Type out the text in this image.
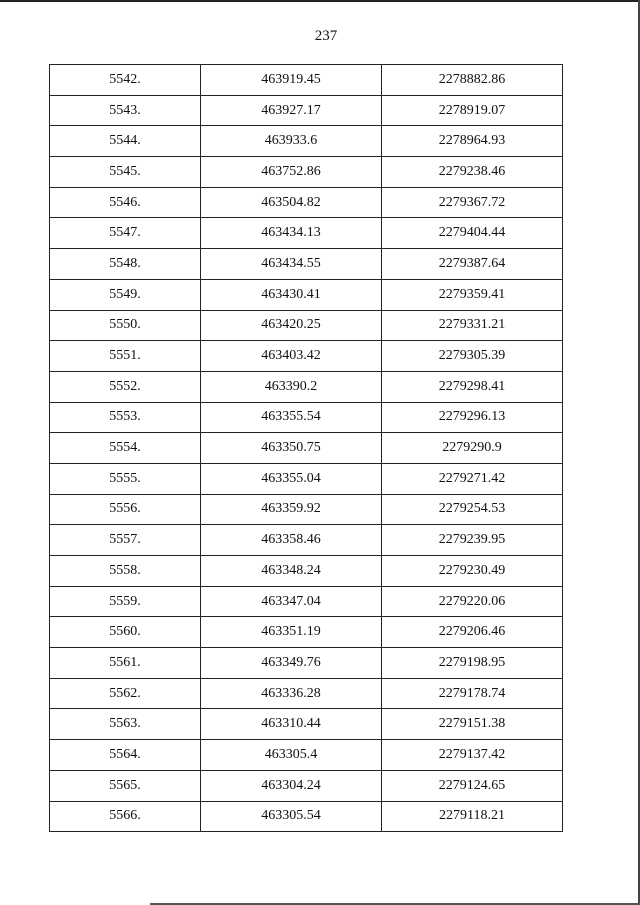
237
5542.	463919.45	2278882.86
5543.	463927.17	2278919.07
5544.	463933.6	2278964.93
5545.	463752.86	2279238.46
5546.	463504.82	2279367.72
5547.	463434.13	2279404.44
5548.	463434.55	2279387.64
5549.	463430.41	2279359.41
5550.	463420.25	2279331.21
5551.	463403.42	2279305.39
5552.	463390.2	2279298.41
5553.	463355.54	2279296.13
5554.	463350.75	2279290.9
5555.	463355.04	2279271.42
5556.	463359.92	2279254.53
5557.	463358.46	2279239.95
5558.	463348.24	2279230.49
5559.	463347.04	2279220.06
5560.	463351.19	2279206.46
5561.	463349.76	2279198.95
5562.	463336.28	2279178.74
5563.	463310.44	2279151.38
5564.	463305.4	2279137.42
5565.	463304.24	2279124.65
5566.	463305.54	2279118.21
